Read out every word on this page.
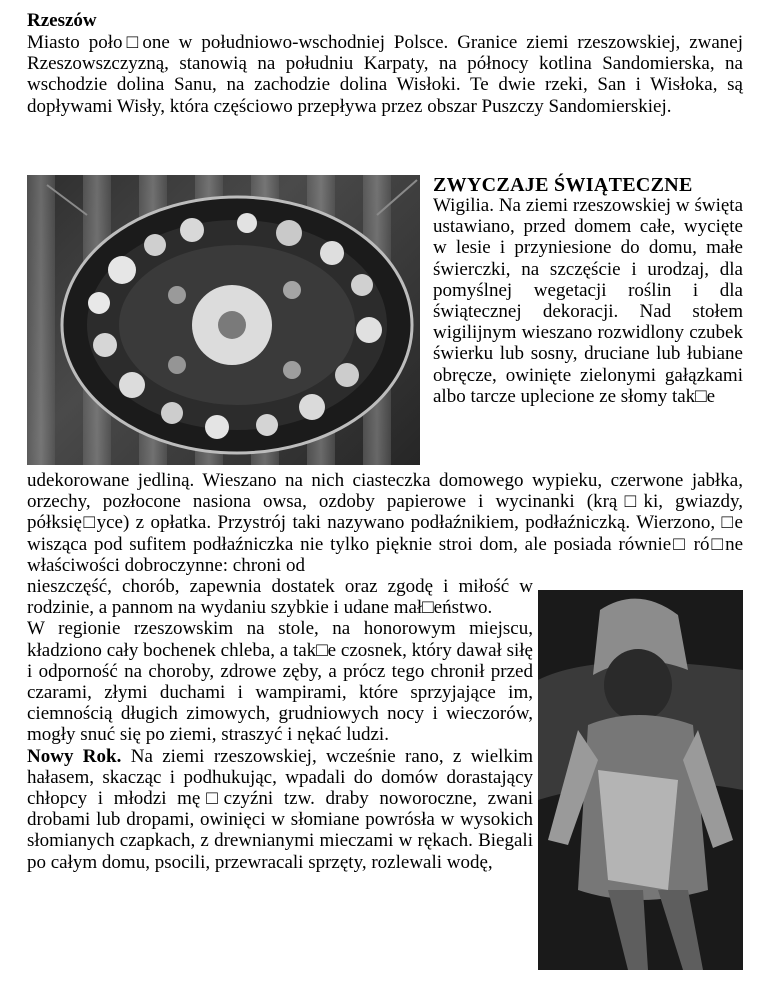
Rzeszów

Miasto poło□one w południowo-wschodniej Polsce. Granice ziemi rzeszowskiej, zwanej Rzeszowszczyzną, stanowią na południu Karpaty, na północy kotlina Sandomierska, na wschodzie dolina Sanu, na zachodzie dolina Wisłoki. Te dwie rzeki, San i Wisłoka, są dopływami Wisły, która częściowo przepływa przez obszar Puszczy Sandomierskiej.

ZWYCZAJE ŚWIĄTECZNE

Wigilia. Na ziemi rzeszowskiej w święta ustawiano, przed domem całe, wycięte w lesie i przyniesione do domu, małe świerczki, na szczęście i urodzaj, dla pomyślnej wegetacji roślin i dla świątecznej dekoracji. Nad stołem wigilijnym wieszano rozwidlony czubek świerku lub sosny, druciane lub łubiane obręcze, owinięte zielonymi gałązkami albo tarcze uplecione ze słomy tak□e

udekorowane jedliną. Wieszano na nich ciasteczka domowego wypieku, czerwone jabłka, orzechy, pozłocone nasiona owsa, ozdoby papierowe i wycinanki (krą□ki, gwiazdy, półksię□yce) z opłatka. Przystrój taki nazywano podłaźnikiem, podłaźniczką. Wierzono, □e wisząca pod sufitem podłaźniczka nie tylko pięknie stroi dom, ale posiada równie□ ró□ne właściwości dobroczynne: chroni od

nieszczęść, chorób, zapewnia dostatek oraz zgodę i miłość w rodzinie, a pannom na wydaniu szybkie i udane mał□eństwo.

W regionie rzeszowskim na stole, na honorowym miejscu, kładziono cały bochenek chleba, a tak□e czosnek, który dawał siłę i odporność na choroby, zdrowe zęby, a prócz tego chronił przed czarami, złymi duchami i wampirami, które sprzyjające im, ciemnością długich zimowych, grudniowych nocy i wieczorów, mogły snuć się po ziemi, straszyć i nękać ludzi.

Nowy Rok. Na ziemi rzeszowskiej, wcześnie rano, z wielkim hałasem, skacząc i podhukując, wpadali do domów dorastający chłopcy i młodzi mę□czyźni tzw. draby noworoczne, zwani drobami lub dropami, owinięci w słomiane powrósła w wysokich słomianych czapkach, z drewnianymi mieczami w rękach. Biegali po całym domu, psocili, przewracali sprzęty, rozlewali wodę,
